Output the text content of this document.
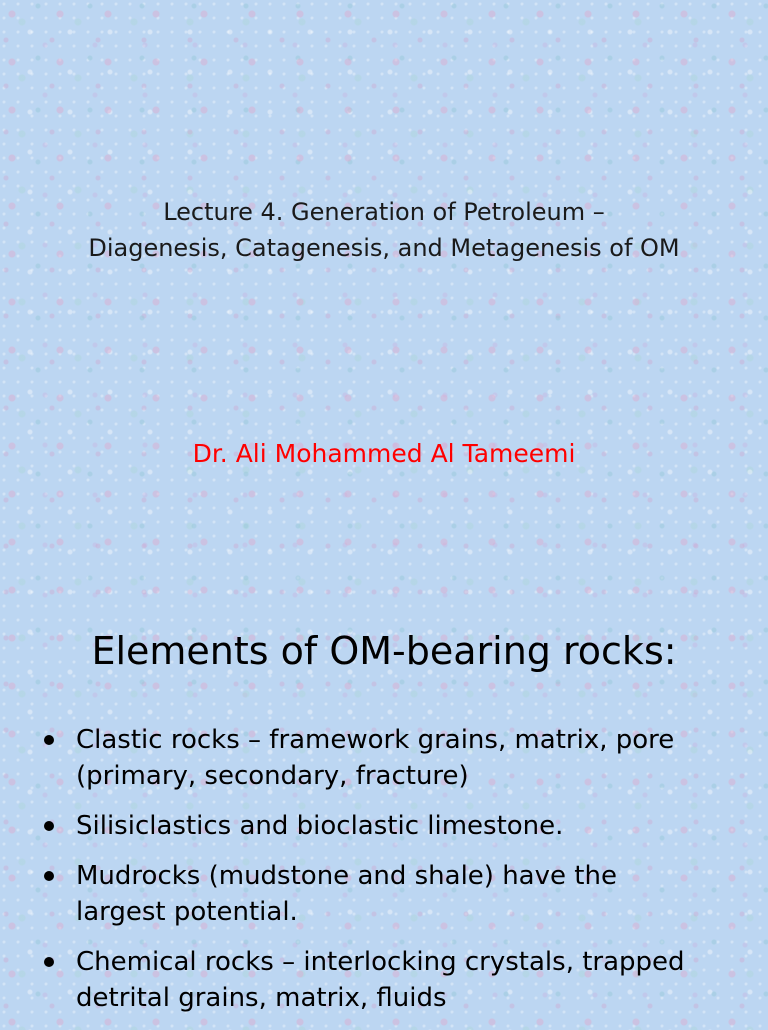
Lecture 4. Generation of Petroleum –
Diagenesis, Catagenesis, and Metagenesis of OM
Dr. Ali Mohammed Al Tameemi
Elements of OM-bearing rocks:
Clastic rocks – framework grains, matrix, pore
(primary, secondary, fracture)
Silisiclastics and bioclastic limestone.
Mudrocks (mudstone and shale) have the
largest potential.
Chemical rocks – interlocking crystals, trapped
detrital grains, matrix, fluids
